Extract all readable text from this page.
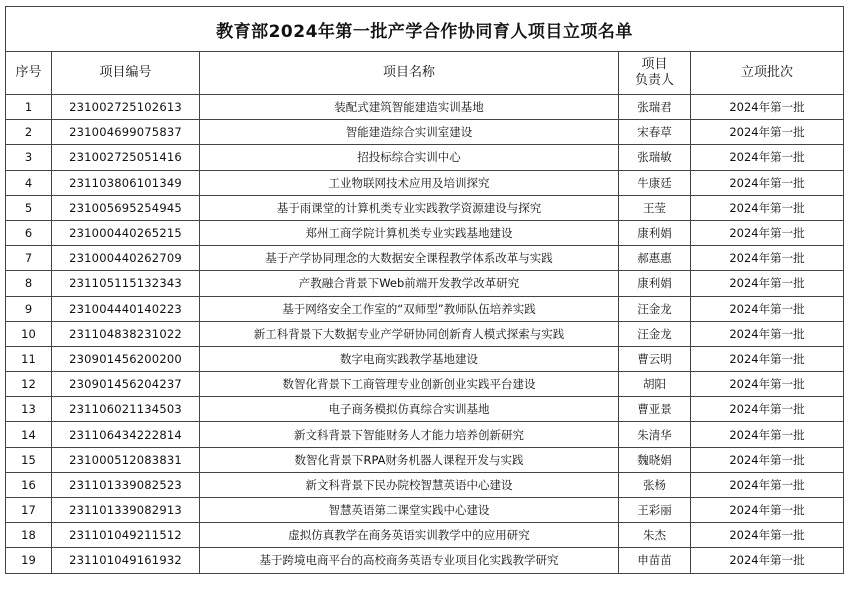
教育部2024年第一批产学合作协同育人项目立项名单				
序号	项目编号	项目名称	项目
负责人	立项批次
1	231002725102613	装配式建筑智能建造实训基地	张瑞君	2024年第一批
2	231004699075837	智能建造综合实训室建设	宋春草	2024年第一批
3	231002725051416	招投标综合实训中心	张瑞敏	2024年第一批
4	231103806101349	工业物联网技术应用及培训探究	牛康廷	2024年第一批
5	231005695254945	基于雨课堂的计算机类专业实践教学资源建设与探究	王莹	2024年第一批
6	231000440265215	郑州工商学院计算机类专业实践基地建设	康利娟	2024年第一批
7	231000440262709	基于产学协同理念的大数据安全课程教学体系改革与实践	郝惠惠	2024年第一批
8	231105115132343	产教融合背景下Web前端开发教学改革研究	康利娟	2024年第一批
9	231004440140223	基于网络安全工作室的“双师型”教师队伍培养实践	汪金龙	2024年第一批
10	231104838231022	新工科背景下大数据专业产学研协同创新育人模式探索与实践	汪金龙	2024年第一批
11	230901456200200	数字电商实践教学基地建设	曹云明	2024年第一批
12	230901456204237	数智化背景下工商管理专业创新创业实践平台建设	胡阳	2024年第一批
13	231106021134503	电子商务模拟仿真综合实训基地	曹亚景	2024年第一批
14	231106434222814	新文科背景下智能财务人才能力培养创新研究	朱清华	2024年第一批
15	231000512083831	数智化背景下RPA财务机器人课程开发与实践	魏晓娟	2024年第一批
16	231101339082523	新文科背景下民办院校智慧英语中心建设	张杨	2024年第一批
17	231101339082913	智慧英语第二课堂实践中心建设	王彩丽	2024年第一批
18	231101049211512	虚拟仿真教学在商务英语实训教学中的应用研究	朱杰	2024年第一批
19	231101049161932	基于跨境电商平台的高校商务英语专业项目化实践教学研究	申苗苗	2024年第一批
